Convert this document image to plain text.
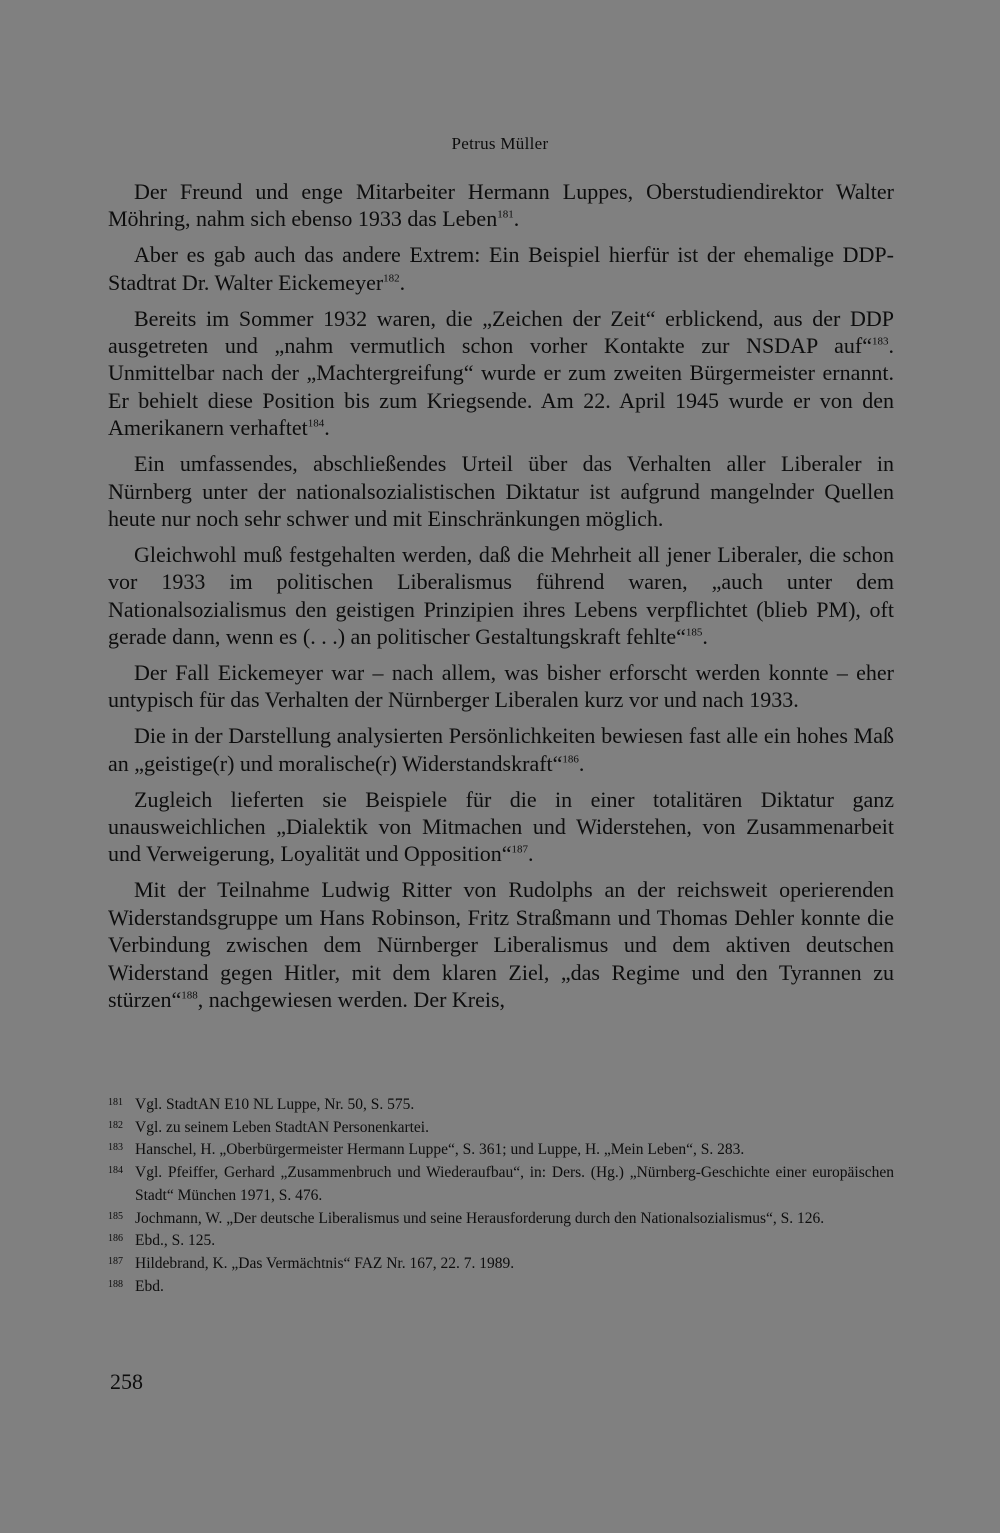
Petrus Müller

Der Freund und enge Mitarbeiter Hermann Luppes, Oberstudiendirektor Walter Möhring, nahm sich ebenso 1933 das Leben$^{181}$.

Aber es gab auch das andere Extrem: Ein Beispiel hierfür ist der ehemalige DDP-Stadtrat Dr. Walter Eickemeyer$^{182}$.

Bereits im Sommer 1932 waren, die „Zeichen der Zeit“ erblickend, aus der DDP ausgetreten und „nahm vermutlich schon vorher Kontakte zur NSDAP auf“$^{183}$. Unmittelbar nach der „Machtergreifung“ wurde er zum zweiten Bürgermeister ernannt. Er behielt diese Position bis zum Kriegsende. Am 22. April 1945 wurde er von den Amerikanern verhaftet$^{184}$.

Ein umfassendes, abschließendes Urteil über das Verhalten aller Liberaler in Nürnberg unter der nationalsozialistischen Diktatur ist aufgrund mangelnder Quellen heute nur noch sehr schwer und mit Einschränkungen möglich.

Gleichwohl muß festgehalten werden, daß die Mehrheit all jener Liberaler, die schon vor 1933 im politischen Liberalismus führend waren, „auch unter dem Nationalsozialismus den geistigen Prinzipien ihres Lebens verpflichtet (blieb PM), oft gerade dann, wenn es (. . .) an politischer Gestaltungskraft fehlte“$^{185}$.

Der Fall Eickemeyer war – nach allem, was bisher erforscht werden konnte – eher untypisch für das Verhalten der Nürnberger Liberalen kurz vor und nach 1933.

Die in der Darstellung analysierten Persönlichkeiten bewiesen fast alle ein hohes Maß an „geistige(r) und moralische(r) Widerstandskraft“$^{186}$.

Zugleich lieferten sie Beispiele für die in einer totalitären Diktatur ganz unausweichlichen „Dialektik von Mitmachen und Widerstehen, von Zusammenarbeit und Verweigerung, Loyalität und Opposition“$^{187}$.

Mit der Teilnahme Ludwig Ritter von Rudolphs an der reichsweit operierenden Widerstandsgruppe um Hans Robinson, Fritz Straßmann und Thomas Dehler konnte die Verbindung zwischen dem Nürnberger Liberalismus und dem aktiven deutschen Widerstand gegen Hitler, mit dem klaren Ziel, „das Regime und den Tyrannen zu stürzen“$^{188}$, nachgewiesen werden. Der Kreis,

181 Vgl. StadtAN E10 NL Luppe, Nr. 50, S. 575.
182 Vgl. zu seinem Leben StadtAN Personenkartei.
183 Hanschel, H. „Oberbürgermeister Hermann Luppe“, S. 361; und Luppe, H. „Mein Leben“, S. 283.
184 Vgl. Pfeiffer, Gerhard „Zusammenbruch und Wiederaufbau“, in: Ders. (Hg.) „Nürnberg-Geschichte einer europäischen Stadt“ München 1971, S. 476.
185 Jochmann, W. „Der deutsche Liberalismus und seine Herausforderung durch den Nationalsozialismus“, S. 126.
186 Ebd., S. 125.
187 Hildebrand, K. „Das Vermächtnis“ FAZ Nr. 167, 22. 7. 1989.
188 Ebd.
258
